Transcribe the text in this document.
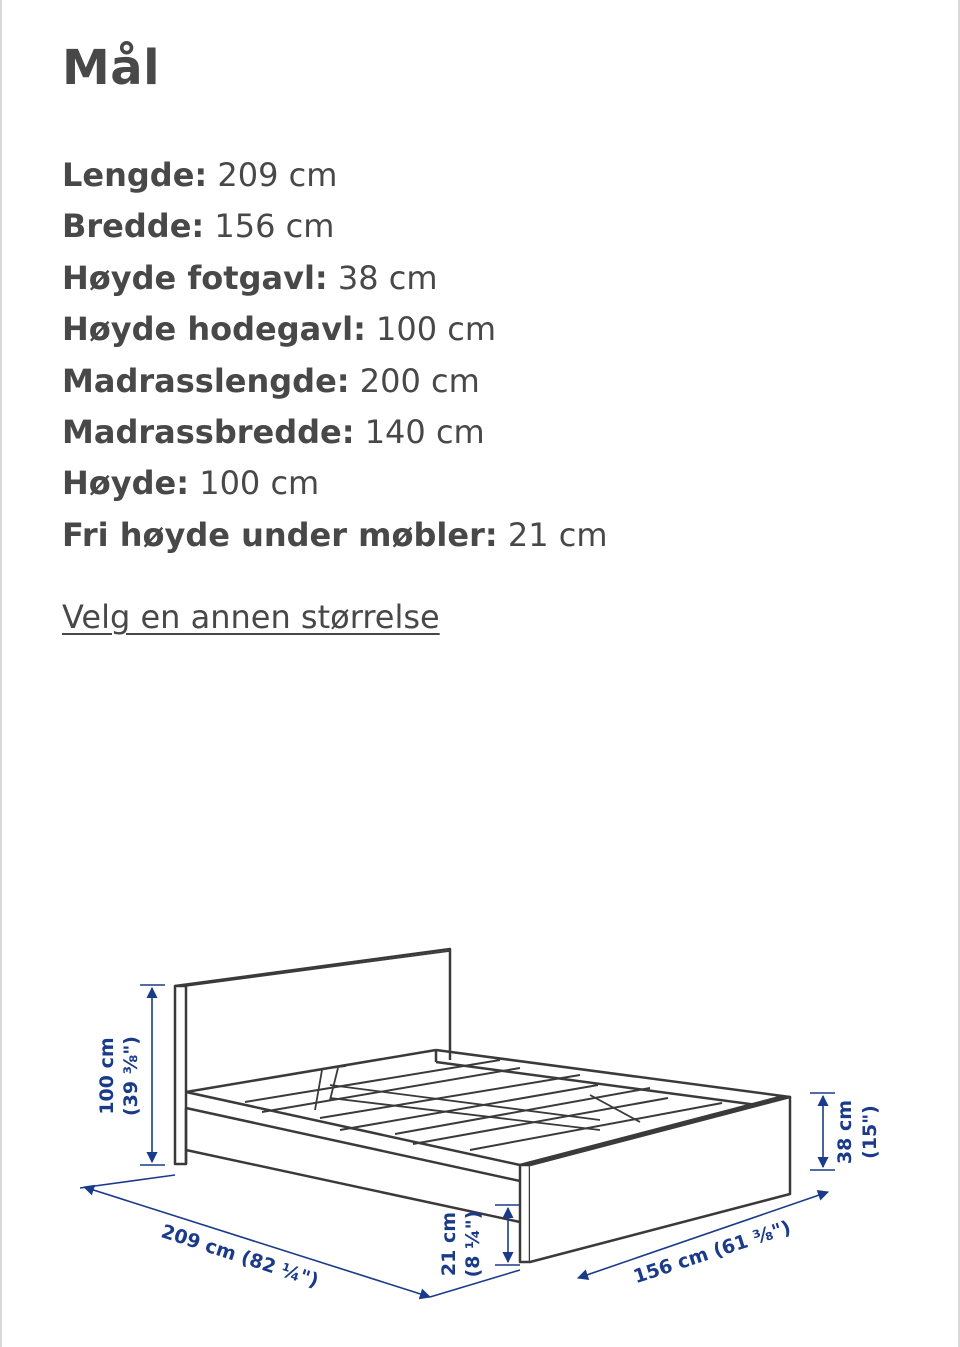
Mål
Lengde: 209 cm
Bredde: 156 cm
Høyde fotgavl: 38 cm
Høyde hodegavl: 100 cm
Madrasslengde: 200 cm
Madrassbredde: 140 cm
Høyde: 100 cm
Fri høyde under møbler: 21 cm
Velg en annen størrelse
100 cm (39 ⅜")
209 cm (82 ¼")	21 cm (8 ¼")	156 cm (61 ⅜")
38 cm (15")
